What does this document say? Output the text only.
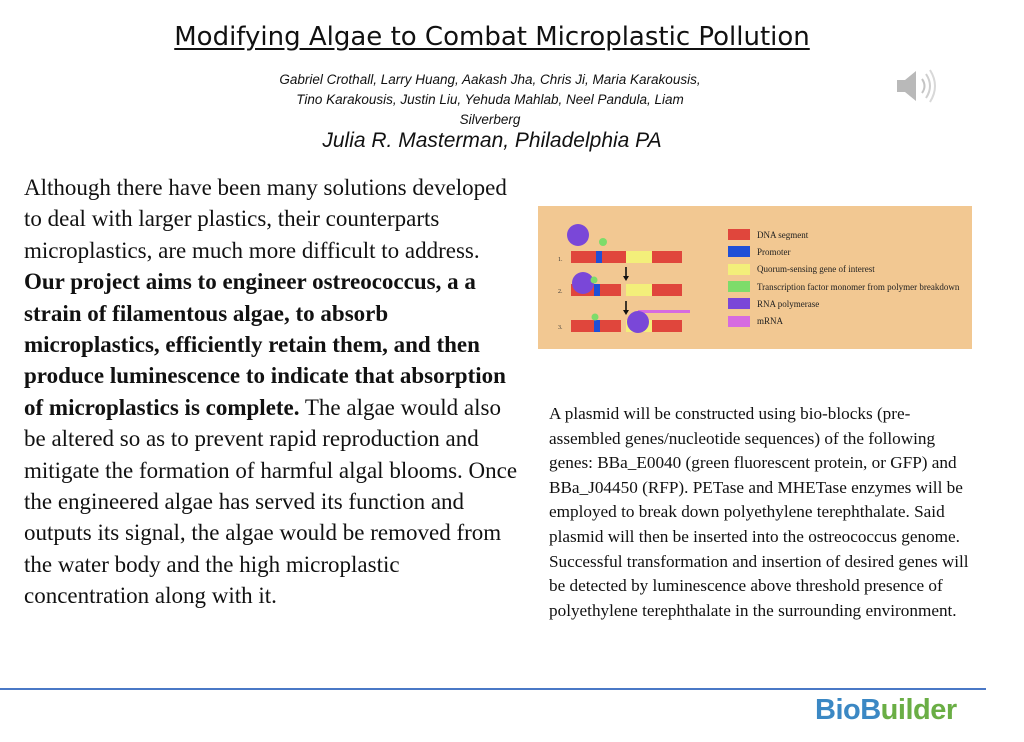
Modifying Algae to Combat Microplastic Pollution
Gabriel Crothall, Larry Huang, Aakash Jha, Chris Ji, Maria Karakousis,
Tino Karakousis, Justin Liu, Yehuda Mahlab, Neel Pandula, Liam
Silverberg
Julia R. Masterman, Philadelphia PA
Although there have been many solutions developed to deal with larger plastics, their counterparts microplastics, are much more difficult to address.
Our project aims to engineer ostreococcus, a a strain of filamentous algae, to absorb microplastics, efficiently retain them, and then produce luminescence to indicate that absorption of microplastics is complete. The algae would also be altered so as to prevent rapid reproduction and mitigate the formation of harmful algal blooms. Once the engineered algae has served its function and outputs its signal, the algae would be removed from the water body and the high microplastic concentration along with it.
1.
2.
3.
DNA segment
Promoter
Quorum-sensing gene of interest
Transcription factor monomer from polymer breakdown
RNA polymerase
mRNA
A plasmid will be constructed using bio-blocks (pre-assembled genes/nucleotide sequences) of the following genes: BBa_E0040 (green fluorescent protein, or GFP) and BBa_J04450 (RFP). PETase and MHETase enzymes will be employed to break down polyethylene terephthalate. Said plasmid will then be inserted into the ostreococcus genome. Successful transformation and insertion of desired genes will be detected by luminescence above threshold presence of polyethylene terephthalate in the surrounding environment.
BioBuilder
